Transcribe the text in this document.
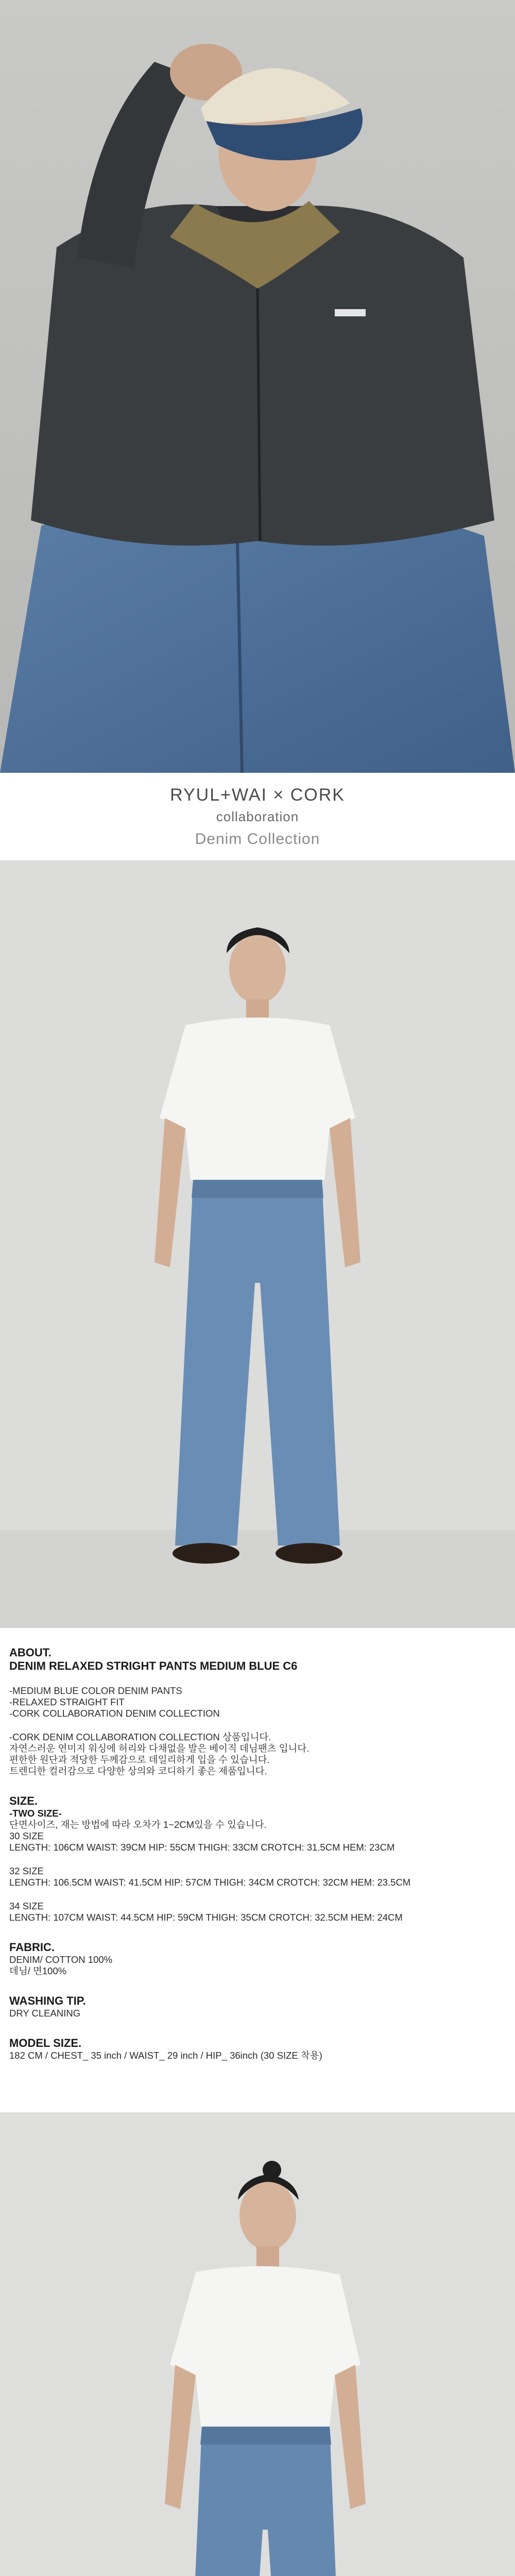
RYUL+WAI × CORK
collaboration
Denim Collection
ABOUT.
DENIM RELAXED STRIGHT PANTS MEDIUM BLUE C6
-MEDIUM BLUE COLOR DENIM PANTS
-RELAXED STRAIGHT FIT
-CORK COLLABORATION DENIM COLLECTION
-CORK DENIM COLLABORATION COLLECTION 상품입니다.
자연스러운 연미지 워싱에 허리와 다채없을 발은 베이직 데님팬츠 입니다.
편한한 원단과 적당한 두께감으로 데일리하게 입을 수 있습니다.
트렌디한 컬러감으로 다양한 상의와 코디하기 좋은 제품입니다.
SIZE.
-TWO SIZE-
단면사이즈, 재는 방법에 따라 오차가 1~2CM있을 수 있습니다.
30 SIZE
LENGTH: 106CM WAIST: 39CM HIP: 55CM THIGH: 33CM CROTCH: 31.5CM HEM: 23CM
32 SIZE
LENGTH: 106.5CM WAIST: 41.5CM HIP: 57CM THIGH: 34CM CROTCH: 32CM HEM: 23.5CM
34 SIZE
LENGTH: 107CM WAIST: 44.5CM HIP: 59CM THIGH: 35CM CROTCH: 32.5CM HEM: 24CM
FABRIC.
DENIM/ COTTON 100%
데님/ 면100%
WASHING TIP.
DRY CLEANING
MODEL SIZE.
182 CM / CHEST_ 35 inch / WAIST_ 29 inch / HIP_ 36inch (30 SIZE 착용)
